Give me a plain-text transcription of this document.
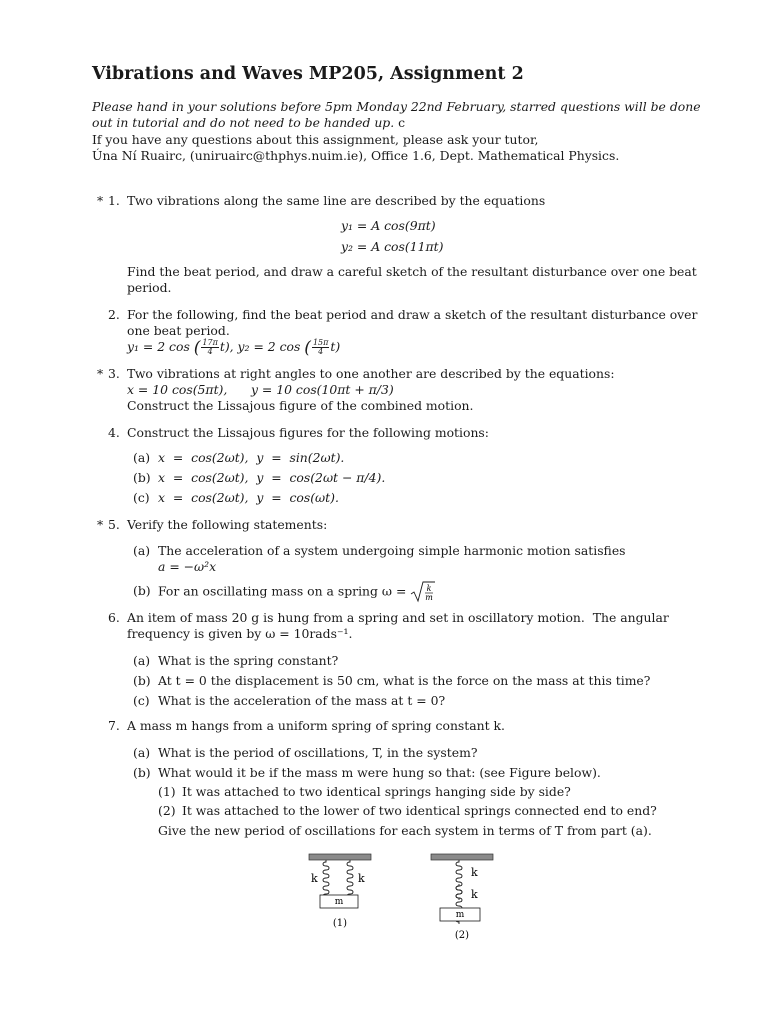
Vibrations and Waves MP205, Assignment 2
Please hand in your solutions before 5pm Monday 22nd February, starred questions will be done
out in tutorial and do not need to be handed up. c
If you have any questions about this assignment, please ask your tutor,
Úna Ní Ruairc, (uniruairc@thphys.nuim.ie), Office 1.6, Dept. Mathematical Physics.
* 1. Two vibrations along the same line are described by the equations
y₁ = A cos(9πt)
y₂ = A cos(11πt)
Find the beat period, and draw a careful sketch of the resultant disturbance over one beat
period.
2. For the following, find the beat period and draw a sketch of the resultant disturbance over
one beat period.
y₁ = 2 cos ( $\frac{17\pi}{4} t$), y₂ = 2 cos ( $\frac{15\pi}{4} t$)
* 3. Two vibrations at right angles to one another are described by the equations:
x = 10 cos(5πt),      y = 10 cos(10πt + π/3)
Construct the Lissajous figure of the combined motion.
4. Construct the Lissajous figures for the following motions:
(a) x  =  cos(2ωt),  y  =  sin(2ωt).
(b) x  =  cos(2ωt),  y  =  cos(2ωt − π/4).
(c) x  =  cos(2ωt),  y  =  cos(ωt).
* 5. Verify the following statements:
(a) The acceleration of a system undergoing simple harmonic motion satisfies
a = −ω²x
(b) For an oscillating mass on a spring ω =	k
m
6. An item of mass 20 g is hung from a spring and set in oscillatory motion.  The angular
frequency is given by ω = 10rads⁻¹.
(a) What is the spring constant?
(b) At t = 0 the displacement is 50 cm, what is the force on the mass at this time?
(c) What is the acceleration of the mass at t = 0?
7. A mass m hangs from a uniform spring of spring constant k.
(a) What is the period of oscillations, T, in the system?
(b) What would it be if the mass m were hung so that: (see Figure below).
(1) It was attached to two identical springs hanging side by side?
(2) It was attached to the lower of two identical springs connected end to end?
Give the new period of oscillations for each system in terms of T from part (a).
k	k
m
(1)
k
k
m
(2)
